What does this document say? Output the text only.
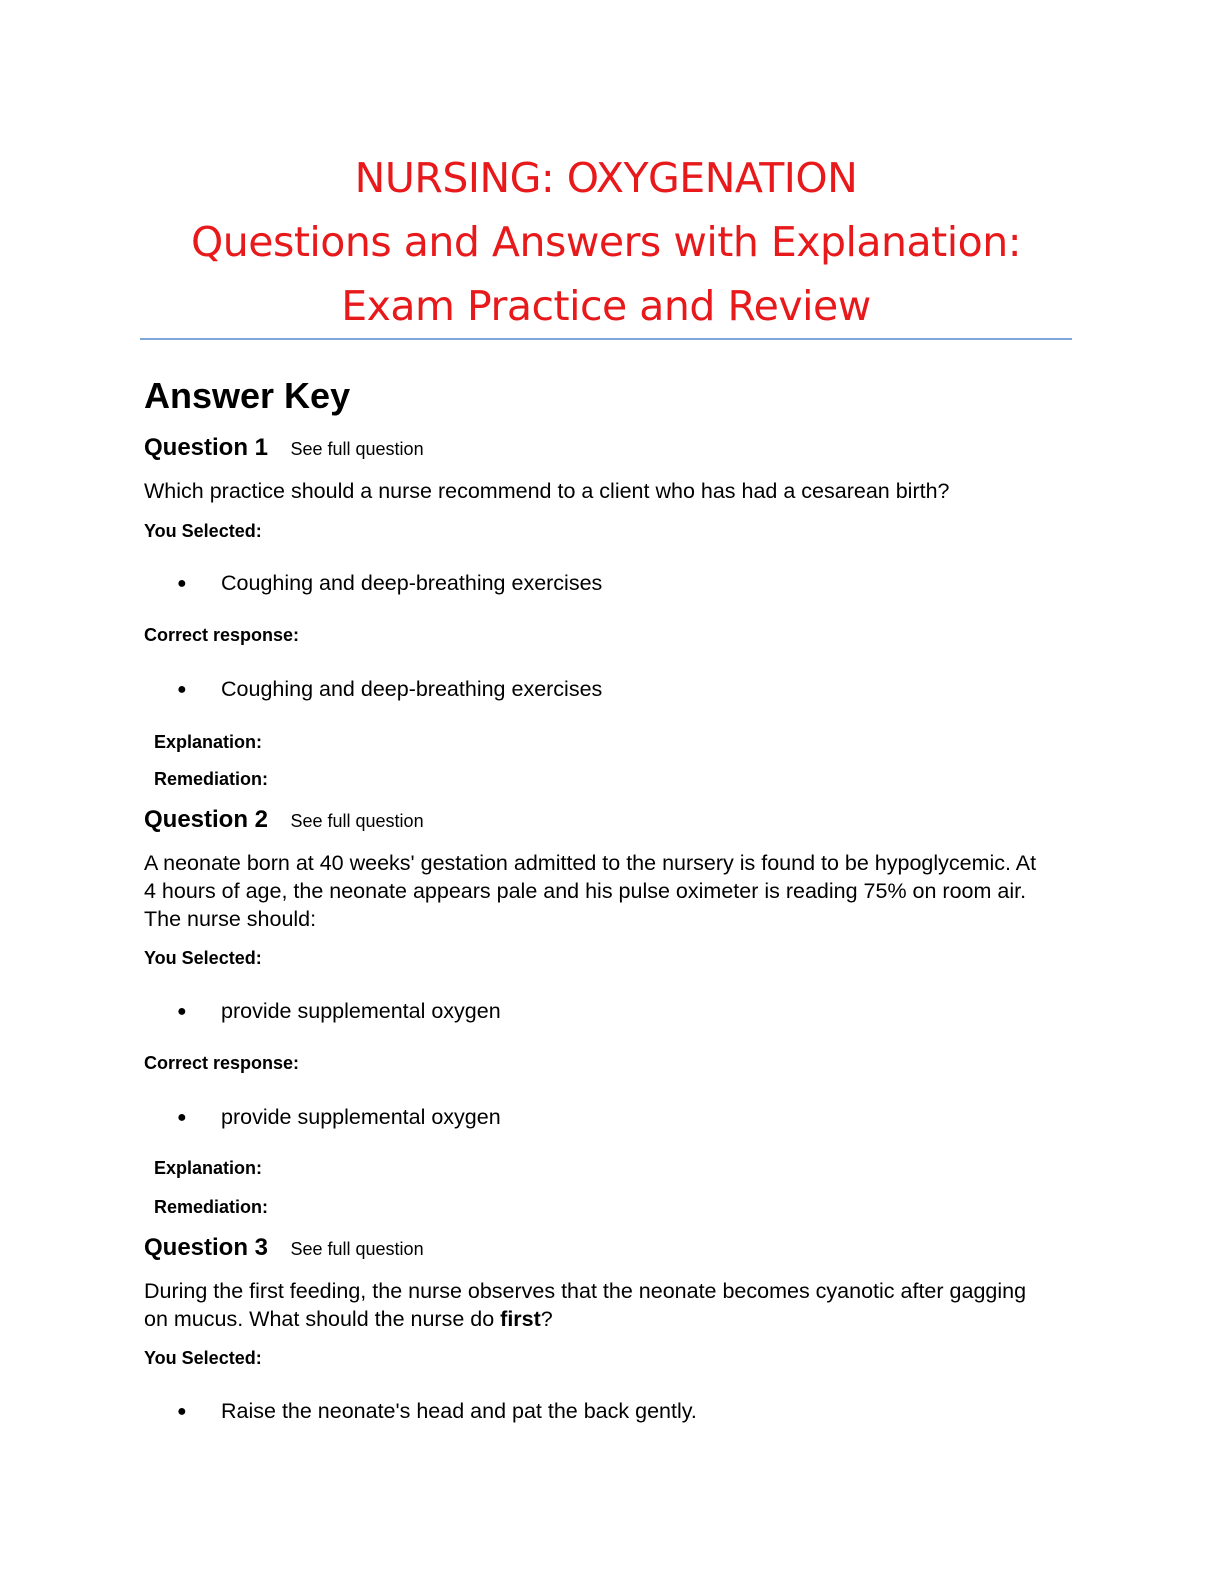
NURSING: OXYGENATION
Questions and Answers with Explanation:
Exam Practice and Review
Answer Key
Question 1 See full question
Which practice should a nurse recommend to a client who has had a cesarean birth?
You Selected:
● Coughing and deep-breathing exercises
Correct response:
● Coughing and deep-breathing exercises
Explanation:
Remediation:
Question 2 See full question
A neonate born at 40 weeks' gestation admitted to the nursery is found to be hypoglycemic. At 4 hours of age, the neonate appears pale and his pulse oximeter is reading 75% on room air. The nurse should:
You Selected:
● provide supplemental oxygen
Correct response:
● provide supplemental oxygen
Explanation:
Remediation:
Question 3 See full question
During the first feeding, the nurse observes that the neonate becomes cyanotic after gagging on mucus. What should the nurse do first?
You Selected:
● Raise the neonate's head and pat the back gently.
